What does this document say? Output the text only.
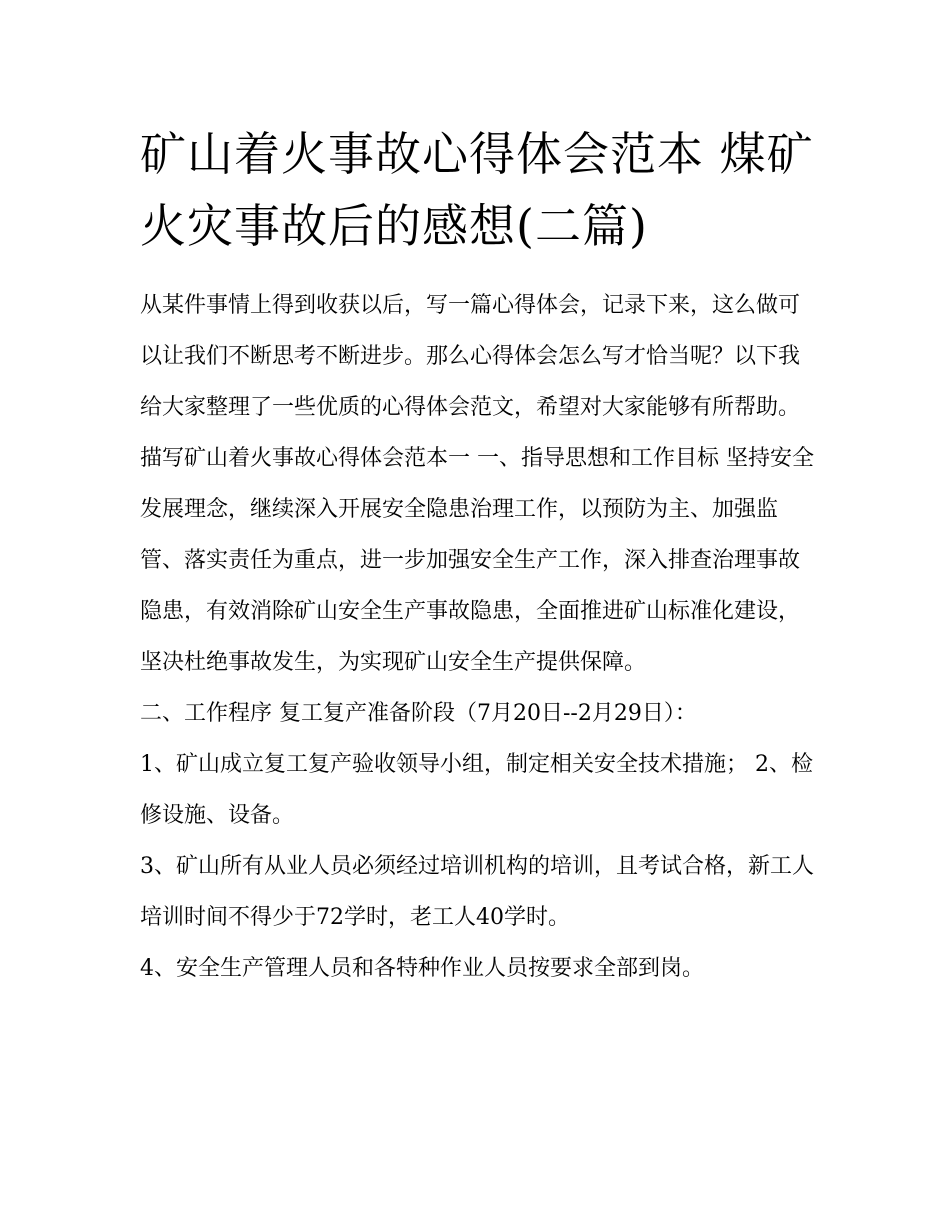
矿山着火事故心得体会范本 煤矿火灾事故后的感想(二篇)

从某件事情上得到收获以后，写一篇心得体会，记录下来，这么做可以让我们不断思考不断进步。那么心得体会怎么写才恰当呢？以下我给大家整理了一些优质的心得体会范文，希望对大家能够有所帮助。

描写矿山着火事故心得体会范本一 一、指导思想和工作目标 坚持安全发展理念，继续深入开展安全隐患治理工作，以预防为主、加强监管、落实责任为重点，进一步加强安全生产工作，深入排查治理事故隐患，有效消除矿山安全生产事故隐患，全面推进矿山标准化建设，坚决杜绝事故发生，为实现矿山安全生产提供保障。

二、工作程序 复工复产准备阶段（7月20日--2月29日）：

1、矿山成立复工复产验收领导小组，制定相关安全技术措施； 2、检修设施、设备。

3、矿山所有从业人员必须经过培训机构的培训，且考试合格，新工人培训时间不得少于72学时，老工人40学时。

4、安全生产管理人员和各特种作业人员按要求全部到岗。
